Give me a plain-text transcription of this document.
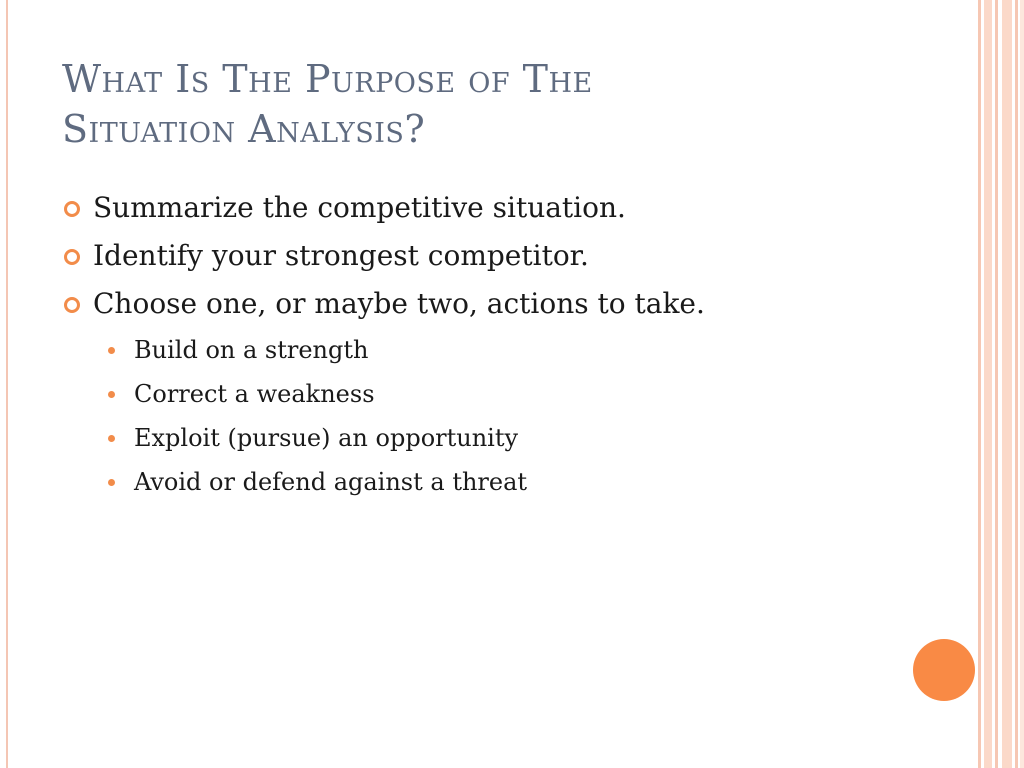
What Is The Purpose of The
Situation Analysis?
Summarize the competitive situation.
Identify your strongest competitor.
Choose one, or maybe two, actions to take.
Build on a strength
Correct a weakness
Exploit (pursue) an opportunity
Avoid or defend against a threat
